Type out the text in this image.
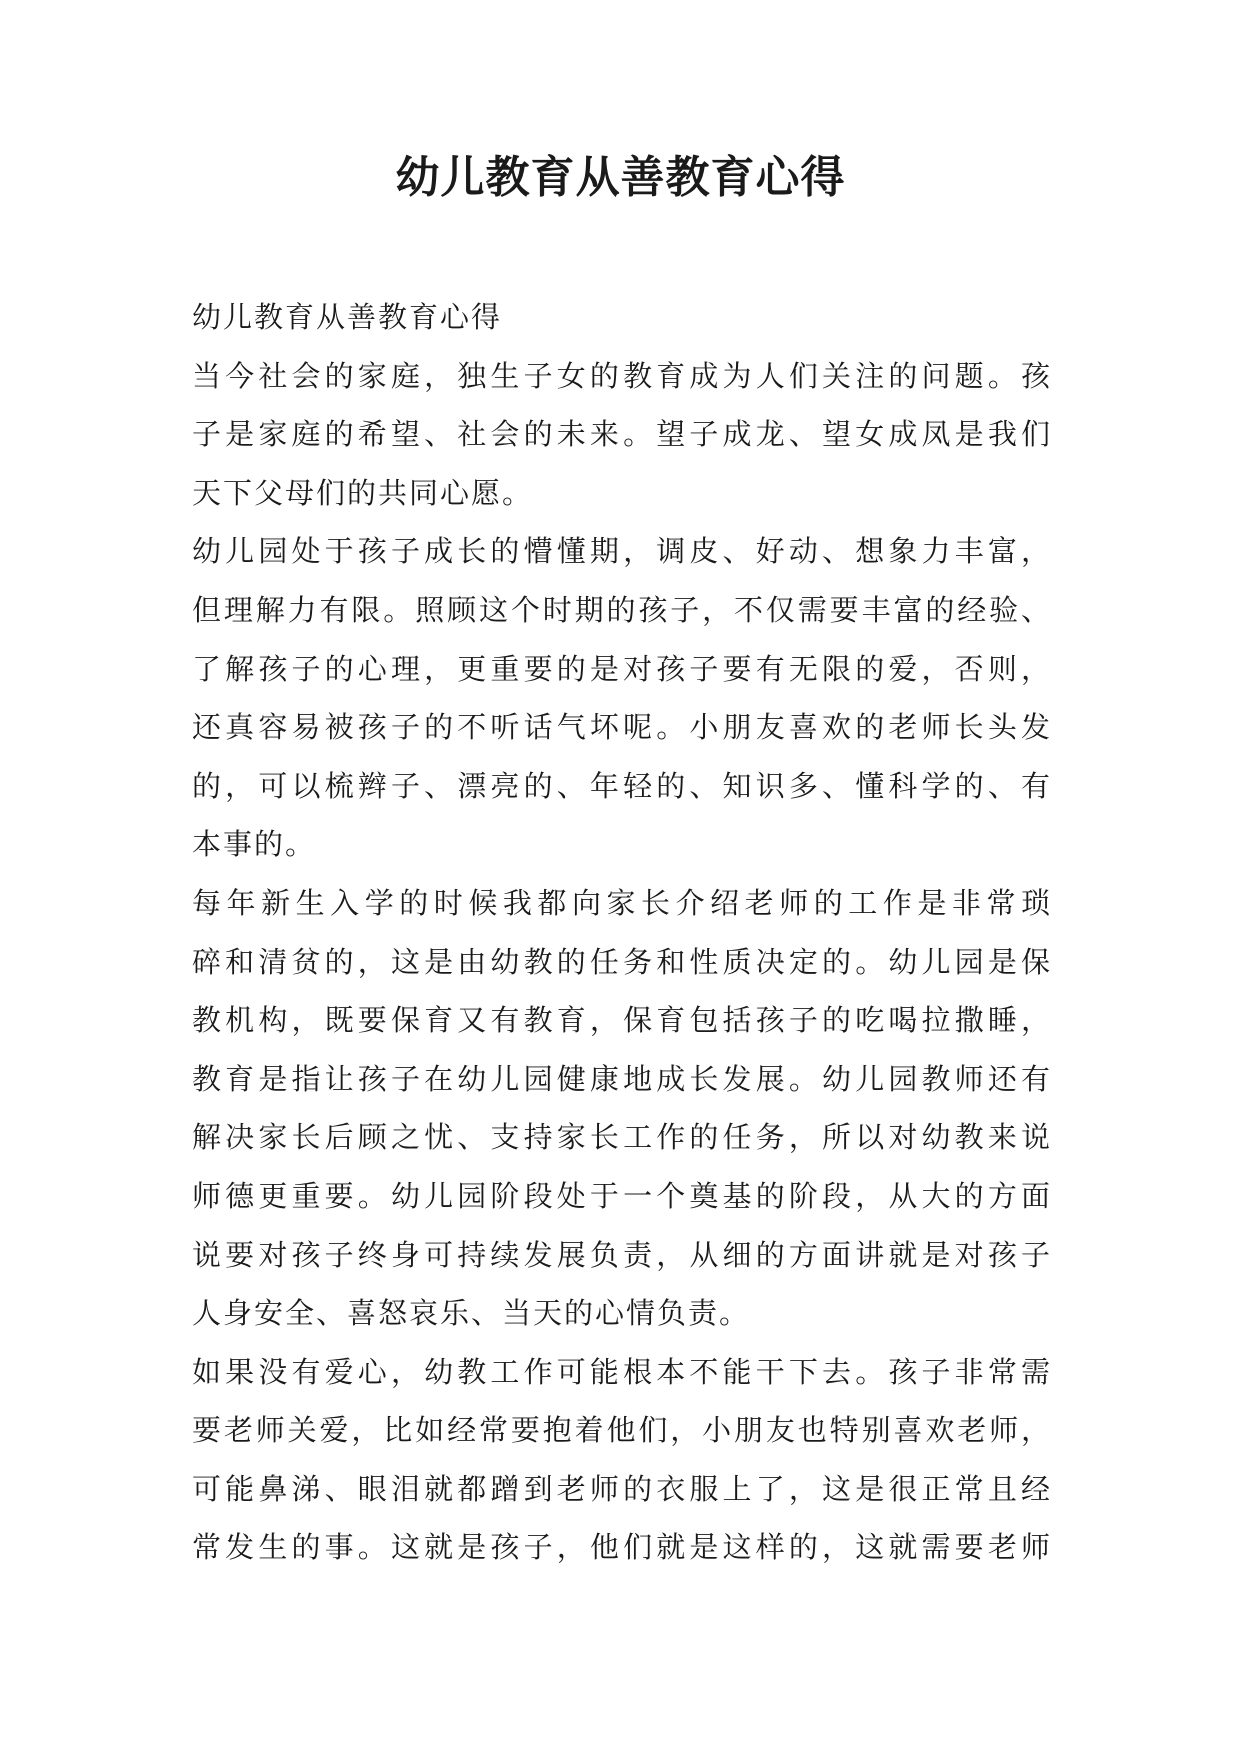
幼儿教育从善教育心得
幼儿教育从善教育心得
当今社会的家庭，独生子女的教育成为人们关注的问题。孩
子是家庭的希望、社会的未来。望子成龙、望女成凤是我们
天下父母们的共同心愿。
幼儿园处于孩子成长的懵懂期，调皮、好动、想象力丰富，
但理解力有限。照顾这个时期的孩子，不仅需要丰富的经验、
了解孩子的心理，更重要的是对孩子要有无限的爱，否则，
还真容易被孩子的不听话气坏呢。小朋友喜欢的老师长头发
的，可以梳辫子、漂亮的、年轻的、知识多、懂科学的、有
本事的。
每年新生入学的时候我都向家长介绍老师的工作是非常琐
碎和清贫的，这是由幼教的任务和性质决定的。幼儿园是保
教机构，既要保育又有教育，保育包括孩子的吃喝拉撒睡，
教育是指让孩子在幼儿园健康地成长发展。幼儿园教师还有
解决家长后顾之忧、支持家长工作的任务，所以对幼教来说
师德更重要。幼儿园阶段处于一个奠基的阶段，从大的方面
说要对孩子终身可持续发展负责，从细的方面讲就是对孩子
人身安全、喜怒哀乐、当天的心情负责。
如果没有爱心，幼教工作可能根本不能干下去。孩子非常需
要老师关爱，比如经常要抱着他们，小朋友也特别喜欢老师，
可能鼻涕、眼泪就都蹭到老师的衣服上了，这是很正常且经
常发生的事。这就是孩子，他们就是这样的，这就需要老师
